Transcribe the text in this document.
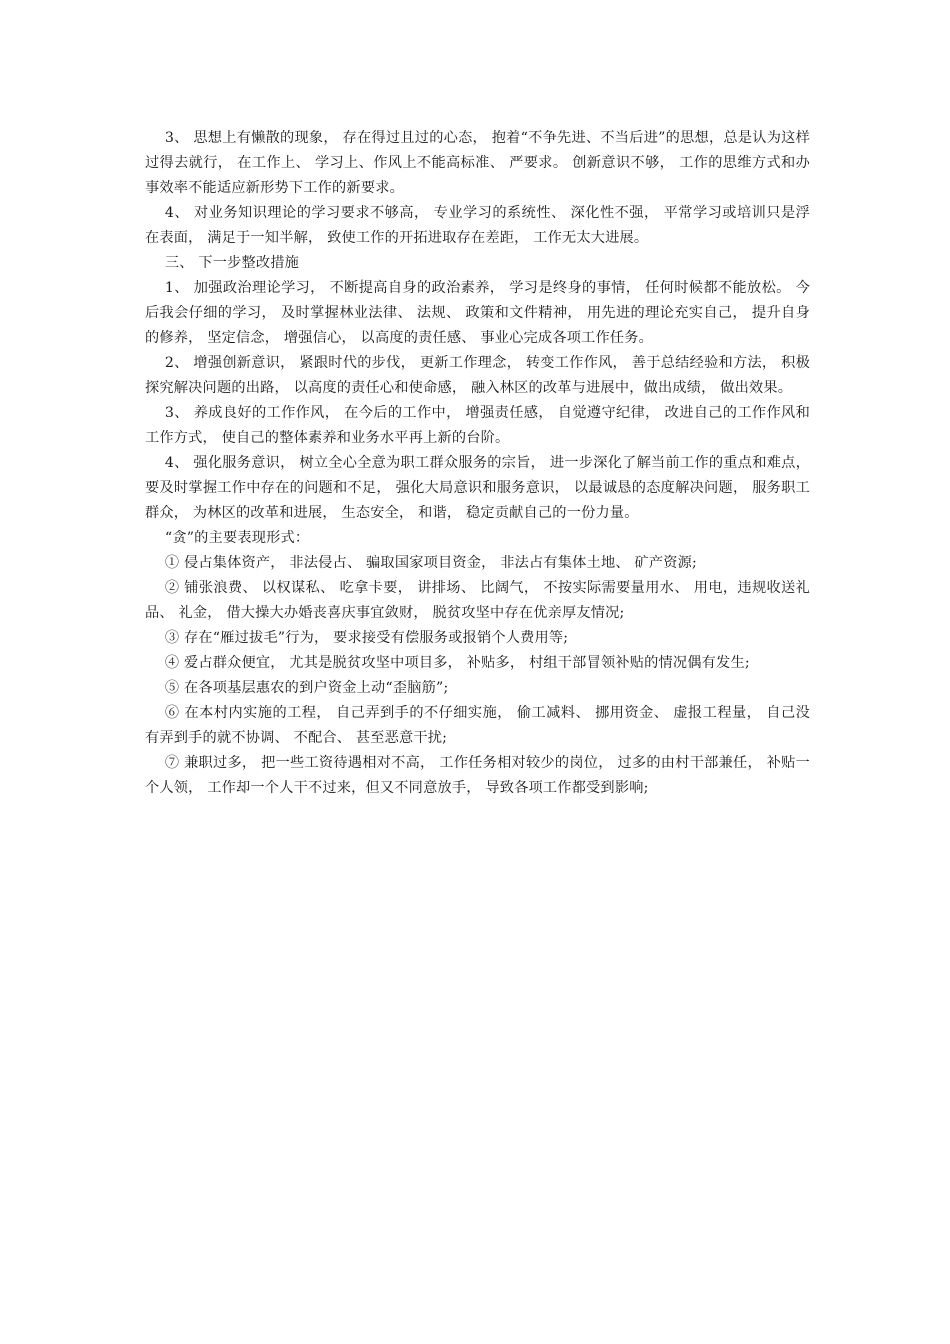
3、 思想上有懒散的现象， 存在得过且过的心态， 抱着“不争先进、不当后进”的思想，总是认为这样过得去就行， 在工作上、 学习上、作风上不能高标准、 严要求。 创新意识不够， 工作的思维方式和办事效率不能适应新形势下工作的新要求。

4、 对业务知识理论的学习要求不够高， 专业学习的系统性、 深化性不强， 平常学习或培训只是浮在表面， 满足于一知半解， 致使工作的开拓进取存在差距， 工作无太大进展。

三、 下一步整改措施

1、 加强政治理论学习， 不断提高自身的政治素养， 学习是终身的事情， 任何时候都不能放松。 今后我会仔细的学习， 及时掌握林业法律、 法规、 政策和文件精神， 用先进的理论充实自己， 提升自身的修养， 坚定信念， 增强信心， 以高度的责任感、 事业心完成各项工作任务。

2、 增强创新意识， 紧跟时代的步伐， 更新工作理念， 转变工作作风， 善于总结经验和方法， 积极探究解决问题的出路， 以高度的责任心和使命感， 融入林区的改革与进展中，做出成绩， 做出效果。

3、 养成良好的工作作风， 在今后的工作中， 增强责任感， 自觉遵守纪律， 改进自己的工作作风和工作方式， 使自己的整体素养和业务水平再上新的台阶。

4、 强化服务意识， 树立全心全意为职工群众服务的宗旨， 进一步深化了解当前工作的重点和难点， 要及时掌握工作中存在的问题和不足， 强化大局意识和服务意识， 以最诚恳的态度解决问题， 服务职工群众， 为林区的改革和进展， 生态安全， 和谐， 稳定贡献自己的一份力量。

“贪”的主要表现形式：

① 侵占集体资产， 非法侵占、 骗取国家项目资金， 非法占有集体土地、 矿产资源;

② 铺张浪费、 以权谋私、 吃拿卡要， 讲排场、 比阔气， 不按实际需要量用水、 用电，违规收送礼品、 礼金， 借大操大办婚丧喜庆事宜敛财， 脱贫攻坚中存在优亲厚友情况;

③ 存在“雁过拔毛”行为， 要求接受有偿服务或报销个人费用等;

④ 爱占群众便宜， 尤其是脱贫攻坚中项目多， 补贴多， 村组干部冒领补贴的情况偶有发生;

⑤ 在各项基层惠农的到户资金上动“歪脑筋”;

⑥ 在本村内实施的工程， 自己弄到手的不仔细实施， 偷工减料、 挪用资金、 虚报工程量， 自己没有弄到手的就不协调、 不配合、 甚至恶意干扰;

⑦ 兼职过多， 把一些工资待遇相对不高， 工作任务相对较少的岗位， 过多的由村干部兼任， 补贴一个人领， 工作却一个人干不过来，但又不同意放手， 导致各项工作都受到影响;
